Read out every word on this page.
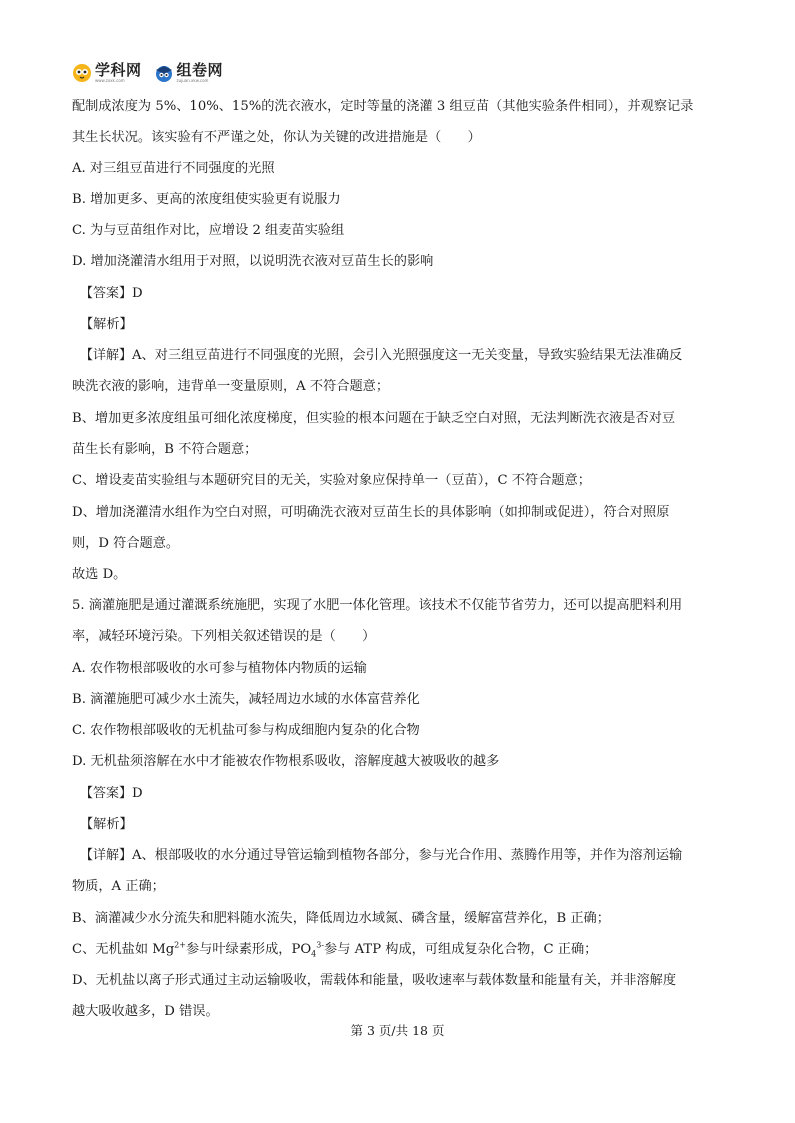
学科网
www.zxxk.com
组卷网
zujuan.xkw.com
配制成浓度为 5%、10%、15%的洗衣液水，定时等量的浇灌 3 组豆苗（其他实验条件相同），并观察记录
其生长状况。该实验有不严谨之处，你认为关键的改进措施是（　　）
A. 对三组豆苗进行不同强度的光照
B. 增加更多、更高的浓度组使实验更有说服力
C. 为与豆苗组作对比，应增设 2 组麦苗实验组
D. 增加浇灌清水组用于对照，以说明洗衣液对豆苗生长的影响
【答案】D
【解析】
【详解】A、对三组豆苗进行不同强度的光照，会引入光照强度这一无关变量，导致实验结果无法准确反
映洗衣液的影响，违背单一变量原则，A 不符合题意；
B、增加更多浓度组虽可细化浓度梯度，但实验的根本问题在于缺乏空白对照，无法判断洗衣液是否对豆
苗生长有影响，B 不符合题意；
C、增设麦苗实验组与本题研究目的无关，实验对象应保持单一（豆苗），C 不符合题意；
D、增加浇灌清水组作为空白对照，可明确洗衣液对豆苗生长的具体影响（如抑制或促进），符合对照原
则，D 符合题意。
故选 D。
5. 滴灌施肥是通过灌溉系统施肥，实现了水肥一体化管理。该技术不仅能节省劳力，还可以提高肥料利用
率，减轻环境污染。下列相关叙述错误的是（　　）
A. 农作物根部吸收的水可参与植物体内物质的运输
B. 滴灌施肥可减少水土流失，减轻周边水域的水体富营养化
C. 农作物根部吸收的无机盐可参与构成细胞内复杂的化合物
D. 无机盐须溶解在水中才能被农作物根系吸收，溶解度越大被吸收的越多
【答案】D
【解析】
【详解】A、根部吸收的水分通过导管运输到植物各部分，参与光合作用、蒸腾作用等，并作为溶剂运输
物质，A 正确；
B、滴灌减少水分流失和肥料随水流失，降低周边水域氮、磷含量，缓解富营养化，B 正确；
C、无机盐如 $Mg^{2+}$参与叶绿素形成，$PO_4^{3-}$参与 ATP 构成，可组成复杂化合物，C 正确；
D、无机盐以离子形式通过主动运输吸收，需载体和能量，吸收速率与载体数量和能量有关，并非溶解度
越大吸收越多，D 错误。
第 3 页/共 18 页
